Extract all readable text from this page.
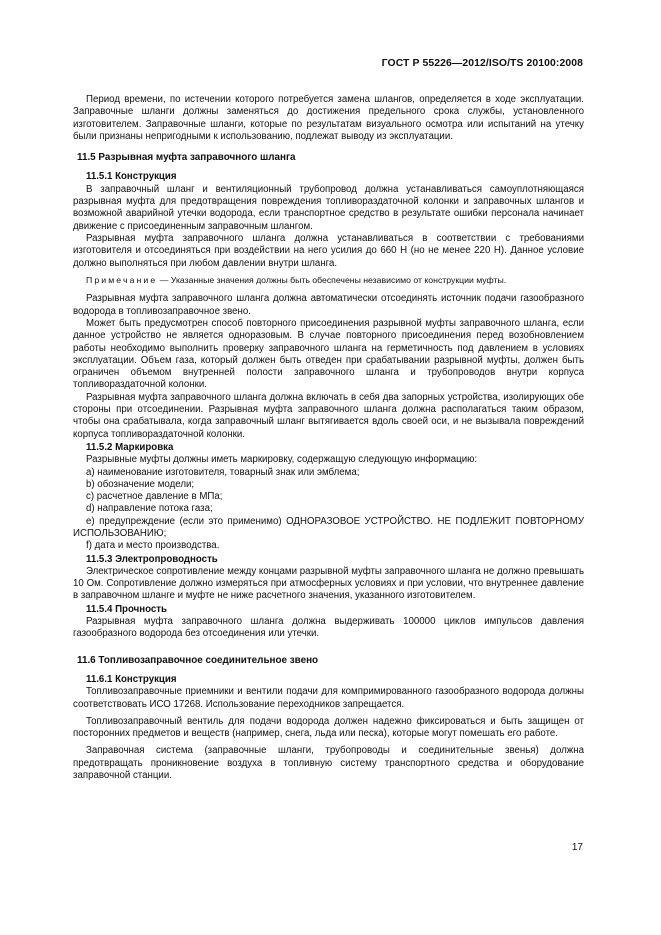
ГОСТ Р 55226—2012/ISO/TS 20100:2008

Период времени, по истечении которого потребуется замена шлангов, определяется в ходе эксплуатации. Заправочные шланги должны заменяться до достижения предельного срока службы, установленного изготовителем. Заправочные шланги, которые по результатам визуального осмотра или испытаний на утечку были признаны непригодными к использованию, подлежат выводу из эксплуатации.

11.5 Разрывная муфта заправочного шланга
11.5.1 Конструкция

В заправочный шланг и вентиляционный трубопровод должна устанавливаться самоуплотняющаяся разрывная муфта для предотвращения повреждения топливораздаточной колонки и заправочных шлангов и возможной аварийной утечки водорода, если транспортное средство в результате ошибки персонала начинает движение с присоединенным заправочным шлангом.

Разрывная муфта заправочного шланга должна устанавливаться в соответствии с требованиями изготовителя и отсоединяться при воздействии на него усилия до 660 Н (но не менее 220 Н). Данное условие должно выполняться при любом давлении внутри шланга.

Примечание — Указанные значения должны быть обеспечены независимо от конструкции муфты.

Разрывная муфта заправочного шланга должна автоматически отсоединять источник подачи газообразного водорода в топливозаправочное звено.

Может быть предусмотрен способ повторного присоединения разрывной муфты заправочного шланга, если данное устройство не является одноразовым. В случае повторного присоединения перед возобновлением работы необходимо выполнить проверку заправочного шланга на герметичность под давлением в условиях эксплуатации. Объем газа, который должен быть отведен при срабатывании разрывной муфты, должен быть ограничен объемом внутренней полости заправочного шланга и трубопроводов внутри корпуса топливораздаточной колонки.

Разрывная муфта заправочного шланга должна включать в себя два запорных устройства, изолирующих обе стороны при отсоединении. Разрывная муфта заправочного шланга должна располагаться таким образом, чтобы она срабатывала, когда заправочный шланг вытягивается вдоль своей оси, и не вызывала повреждений корпуса топливораздаточной колонки.

11.5.2 Маркировка

Разрывные муфты должны иметь маркировку, содержащую следующую информацию:

a) наименование изготовителя, товарный знак или эмблема;

b) обозначение модели;

c) расчетное давление в МПа;

d) направление потока газа;

e) предупреждение (если это применимо) ОДНОРАЗОВОЕ УСТРОЙСТВО. НЕ ПОДЛЕЖИТ ПОВТОРНОМУ ИСПОЛЬЗОВАНИЮ;

f) дата и место производства.

11.5.3 Электропроводность

Электрическое сопротивление между концами разрывной муфты заправочного шланга не должно превышать 10 Ом. Сопротивление должно измеряться при атмосферных условиях и при условии, что внутреннее давление в заправочном шланге и муфте не ниже расчетного значения, указанного изготовителем.

11.5.4 Прочность

Разрывная муфта заправочного шланга должна выдерживать 100000 циклов импульсов давления газообразного водорода без отсоединения или утечки.

11.6 Топливозаправочное соединительное звено
11.6.1 Конструкция

Топливозаправочные приемники и вентили подачи для компримированного газообразного водорода должны соответствовать ИСО 17268. Использование переходников запрещается.

Топливозаправочный вентиль для подачи водорода должен надежно фиксироваться и быть защищен от посторонних предметов и веществ (например, снега, льда или песка), которые могут помешать его работе.

Заправочная система (заправочные шланги, трубопроводы и соединительные звенья) должна предотвращать проникновение воздуха в топливную систему транспортного средства и оборудование заправочной станции.

17
